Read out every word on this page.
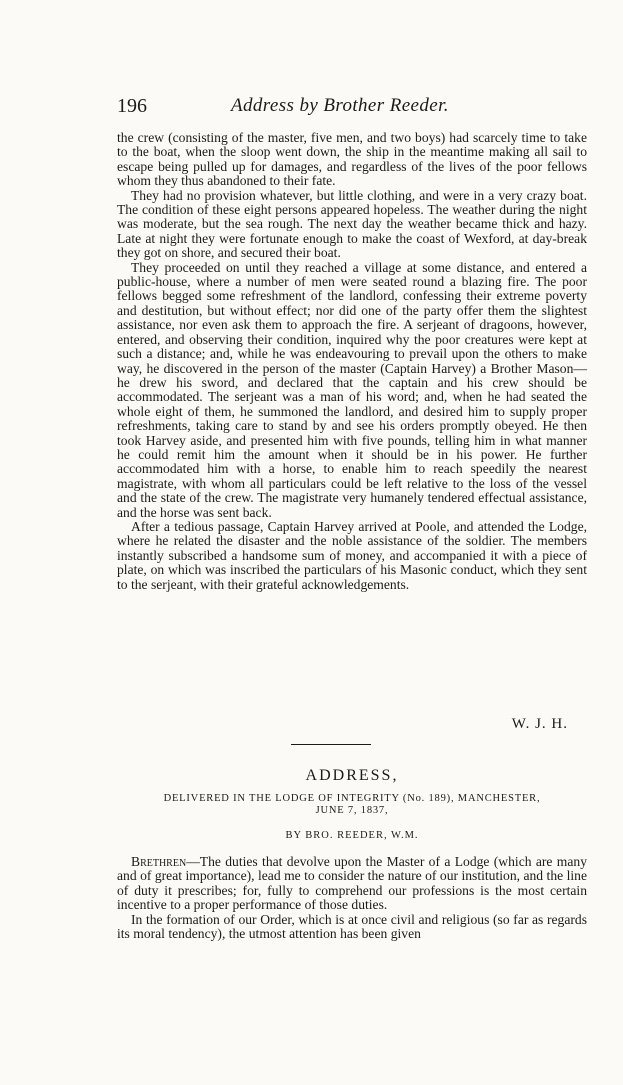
196	Address by Brother Reeder.

the crew (consisting of the master, five men, and two boys) had scarcely time to take to the boat, when the sloop went down, the ship in the meantime making all sail to escape being pulled up for damages, and regardless of the lives of the poor fellows whom they thus abandoned to their fate.

They had no provision whatever, but little clothing, and were in a very crazy boat. The condition of these eight persons appeared hopeless. The weather during the night was moderate, but the sea rough. The next day the weather became thick and hazy. Late at night they were fortunate enough to make the coast of Wexford, at day-break they got on shore, and secured their boat.

They proceeded on until they reached a village at some distance, and entered a public-house, where a number of men were seated round a blazing fire. The poor fellows begged some refreshment of the landlord, confessing their extreme poverty and destitution, but without effect; nor did one of the party offer them the slightest assistance, nor even ask them to approach the fire. A serjeant of dragoons, however, entered, and observing their condition, inquired why the poor creatures were kept at such a distance; and, while he was endeavouring to prevail upon the others to make way, he discovered in the person of the master (Captain Harvey) a Brother Mason—he drew his sword, and declared that the captain and his crew should be accommodated. The serjeant was a man of his word; and, when he had seated the whole eight of them, he summoned the landlord, and desired him to supply proper refreshments, taking care to stand by and see his orders promptly obeyed. He then took Harvey aside, and presented him with five pounds, telling him in what manner he could remit him the amount when it should be in his power. He further accommodated him with a horse, to enable him to reach speedily the nearest magistrate, with whom all particulars could be left relative to the loss of the vessel and the state of the crew. The magistrate very humanely tendered effectual assistance, and the horse was sent back.

After a tedious passage, Captain Harvey arrived at Poole, and attended the Lodge, where he related the disaster and the noble assistance of the soldier. The members instantly subscribed a handsome sum of money, and accompanied it with a piece of plate, on which was inscribed the particulars of his Masonic conduct, which they sent to the serjeant, with their grateful acknowledgements.

W. J. H.
ADDRESS,
DELIVERED IN THE LODGE OF INTEGRITY (No. 189), MANCHESTER,
JUNE 7, 1837,
BY BRO. REEDER, W.M.

Brethren—The duties that devolve upon the Master of a Lodge (which are many and of great importance), lead me to consider the nature of our institution, and the line of duty it prescribes; for, fully to comprehend our professions is the most certain incentive to a proper performance of those duties.

In the formation of our Order, which is at once civil and religious (so far as regards its moral tendency), the utmost attention has been given
